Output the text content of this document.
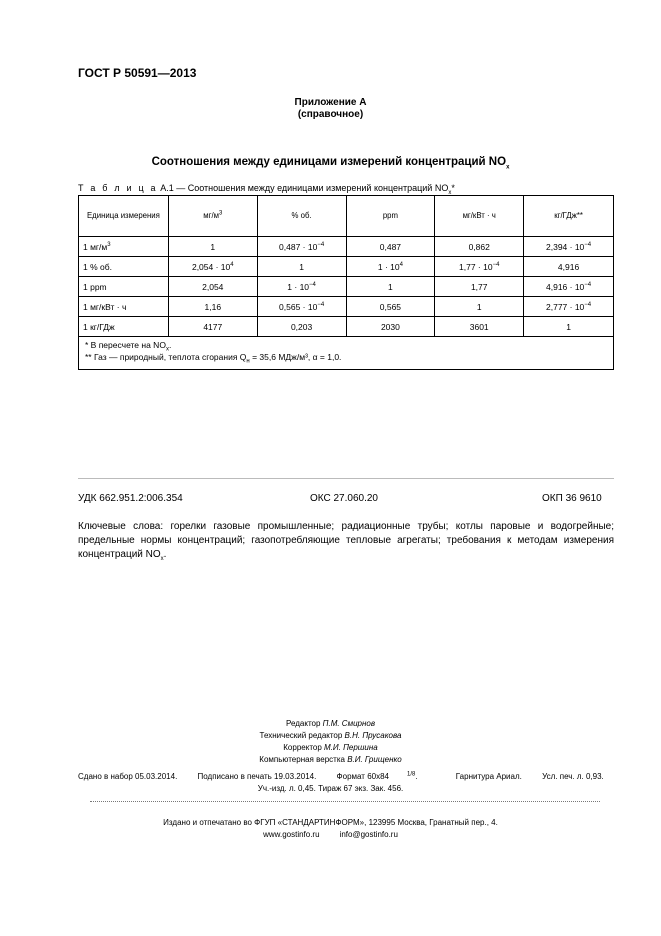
ГОСТ Р 50591—2013
Приложение А
(справочное)
Соотношения между единицами измерений концентраций $NO_x$
Т а б л и ц а А.1 — Соотношения между единицами измерений концентраций $NO_x*$
Единица измерения	$мг/м^3$	% об.	ppm	мг/кВт · ч	кг/ГДж**
1 $мг/м^3$	1	$0,487 \cdot 10^{-4}$	0,487	0,862	$2,394 \cdot 10^{-4}$
1 % об.	$2,054 \cdot 10^4$	1	$1 \cdot 10^4$	$1,77 \cdot 10^{-4}$	4,916
1 ppm	2,054	$1 \cdot 10^{-4}$	1	1,77	$4,916 \cdot 10^{-4}$
1 мг/кВт · ч	1,16	$0,565 \cdot 10^{-4}$	0,565	1	$2,777 \cdot 10^{-4}$
1 кг/ГДж	4177	0,203	2030	3601	1

* В пересчете на $NO_x$.
** Газ — природный, теплота сгорания $Q_н = 35,6$ МДж/м³, α = 1,0.					
УДК 662.951.2:006.354	ОКС 27.060.20	ОКП 36 9610
Ключевые слова: горелки газовые промышленные; радиационные трубы; котлы паровые и водогрейные; предельные нормы концентраций; газопотребляющие тепловые агрегаты; требования к методам измерения концентраций $NO_x$.
Редактор П.М. Смирнов
Технический редактор В.Н. Прусакова
Корректор М.И. Першина
Компьютерная верстка В.И. Грищенко
Сдано в набор 05.03.2014.	Подписано в печать 19.03.2014.	Формат 60x84	$^{1/8}$.	Гарнитура Ариал.	Усл. печ. л. 0,93.
Уч.-изд. л. 0,45. Тираж 67 экз. Зак. 456.
Издано и отпечатано во ФГУП «СТАНДАРТИНФОРМ», 123995 Москва, Гранатный пер., 4.
www.gostinfo.ru	info@gostinfo.ru
